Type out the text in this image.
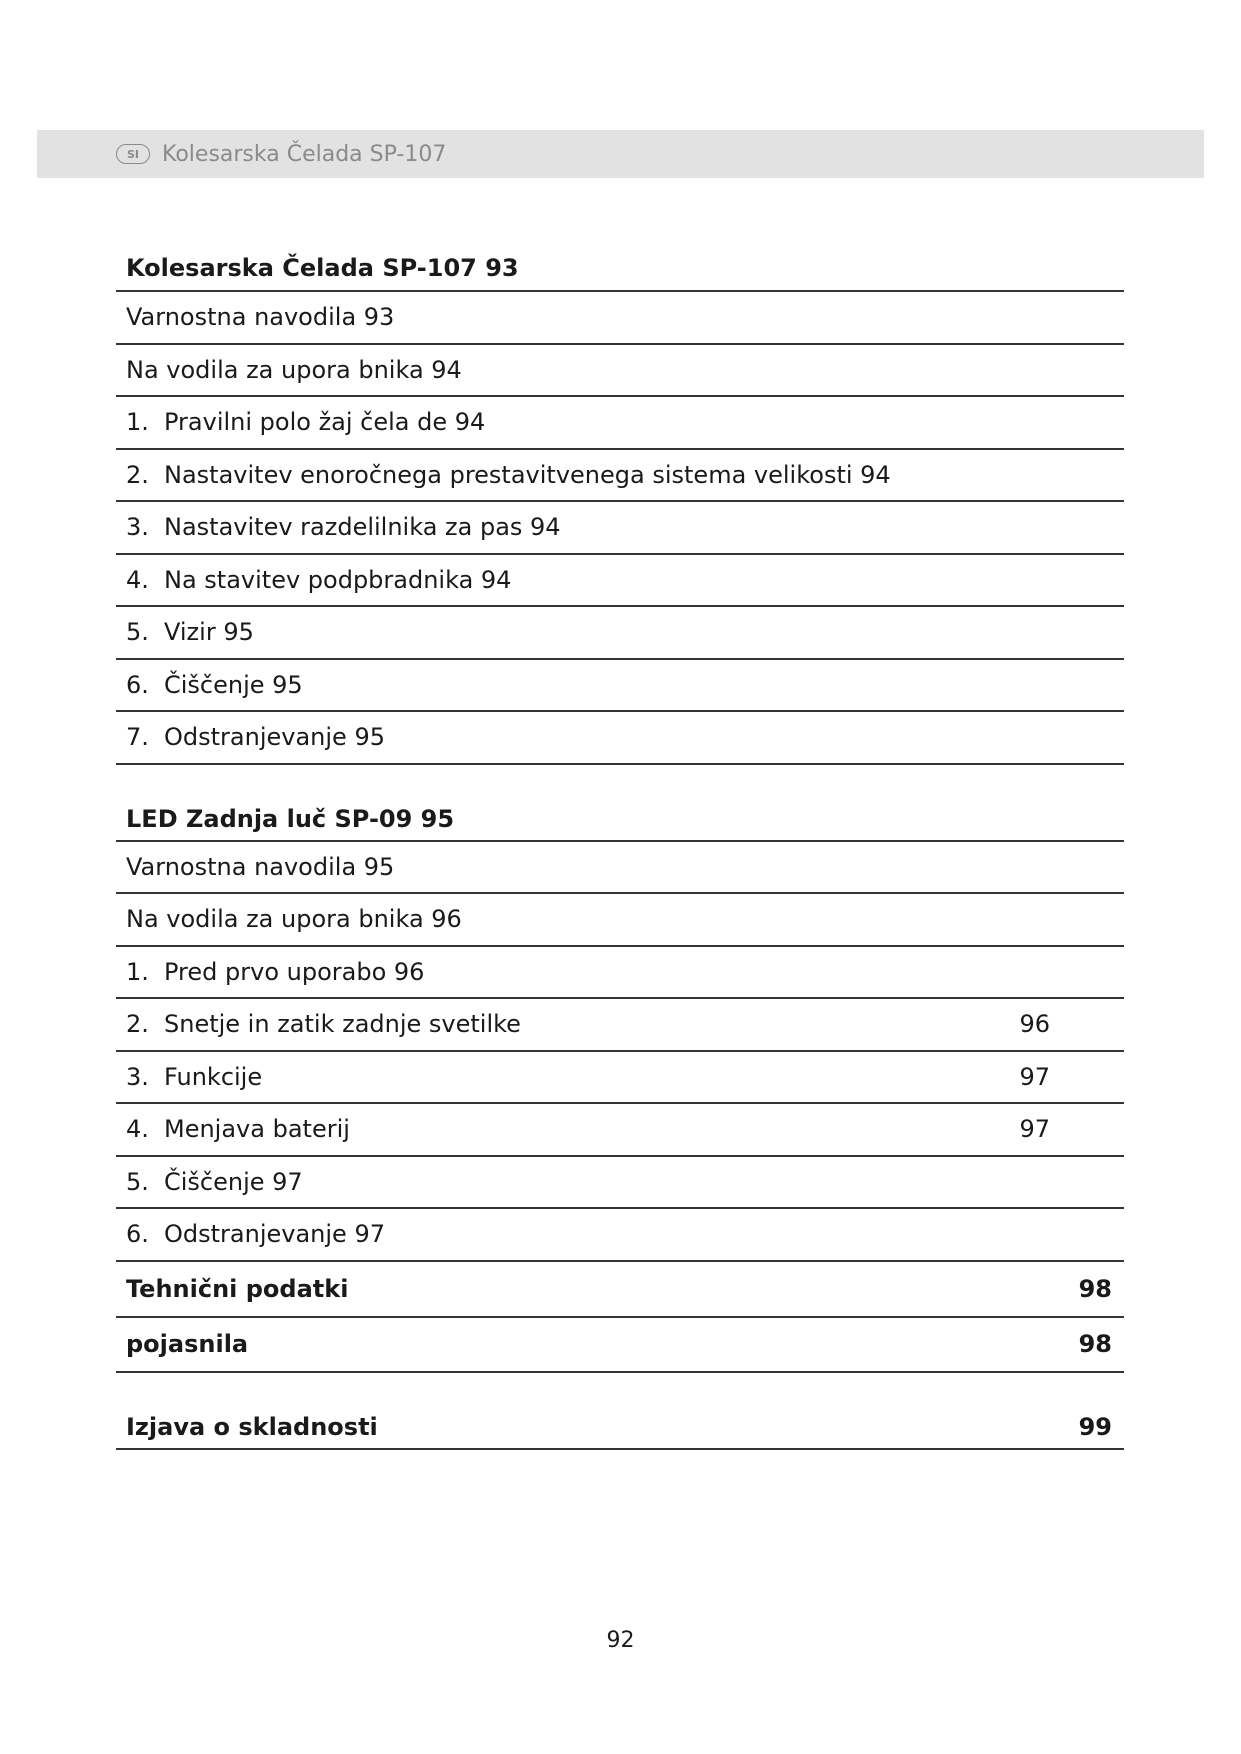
SI	Kolesarska Čelada SP-107
Kolesarska Čelada SP-107 93
Varnostna navodila 93
Na vodila za upora bnika 94
1. Pravilni polo žaj čela de 94
2. Nastavitev enoročnega prestavitvenega sistema velikosti 94
3. Nastavitev razdelilnika za pas 94
4. Na stavitev podpbradnika 94
5. Vizir 95
6. Čiščenje 95
7. Odstranjevanje 95
LED Zadnja luč SP-09 95
Varnostna navodila 95
Na vodila za upora bnika 96
1. Pred prvo uporabo 96
2. Snetje in zatik zadnje svetilke	96
3. Funkcije	97
4. Menjava baterij	97
5. Čiščenje 97
6. Odstranjevanje 97
Tehnični podatki	98
pojasnila	98
Izjava o skladnosti	99
92
